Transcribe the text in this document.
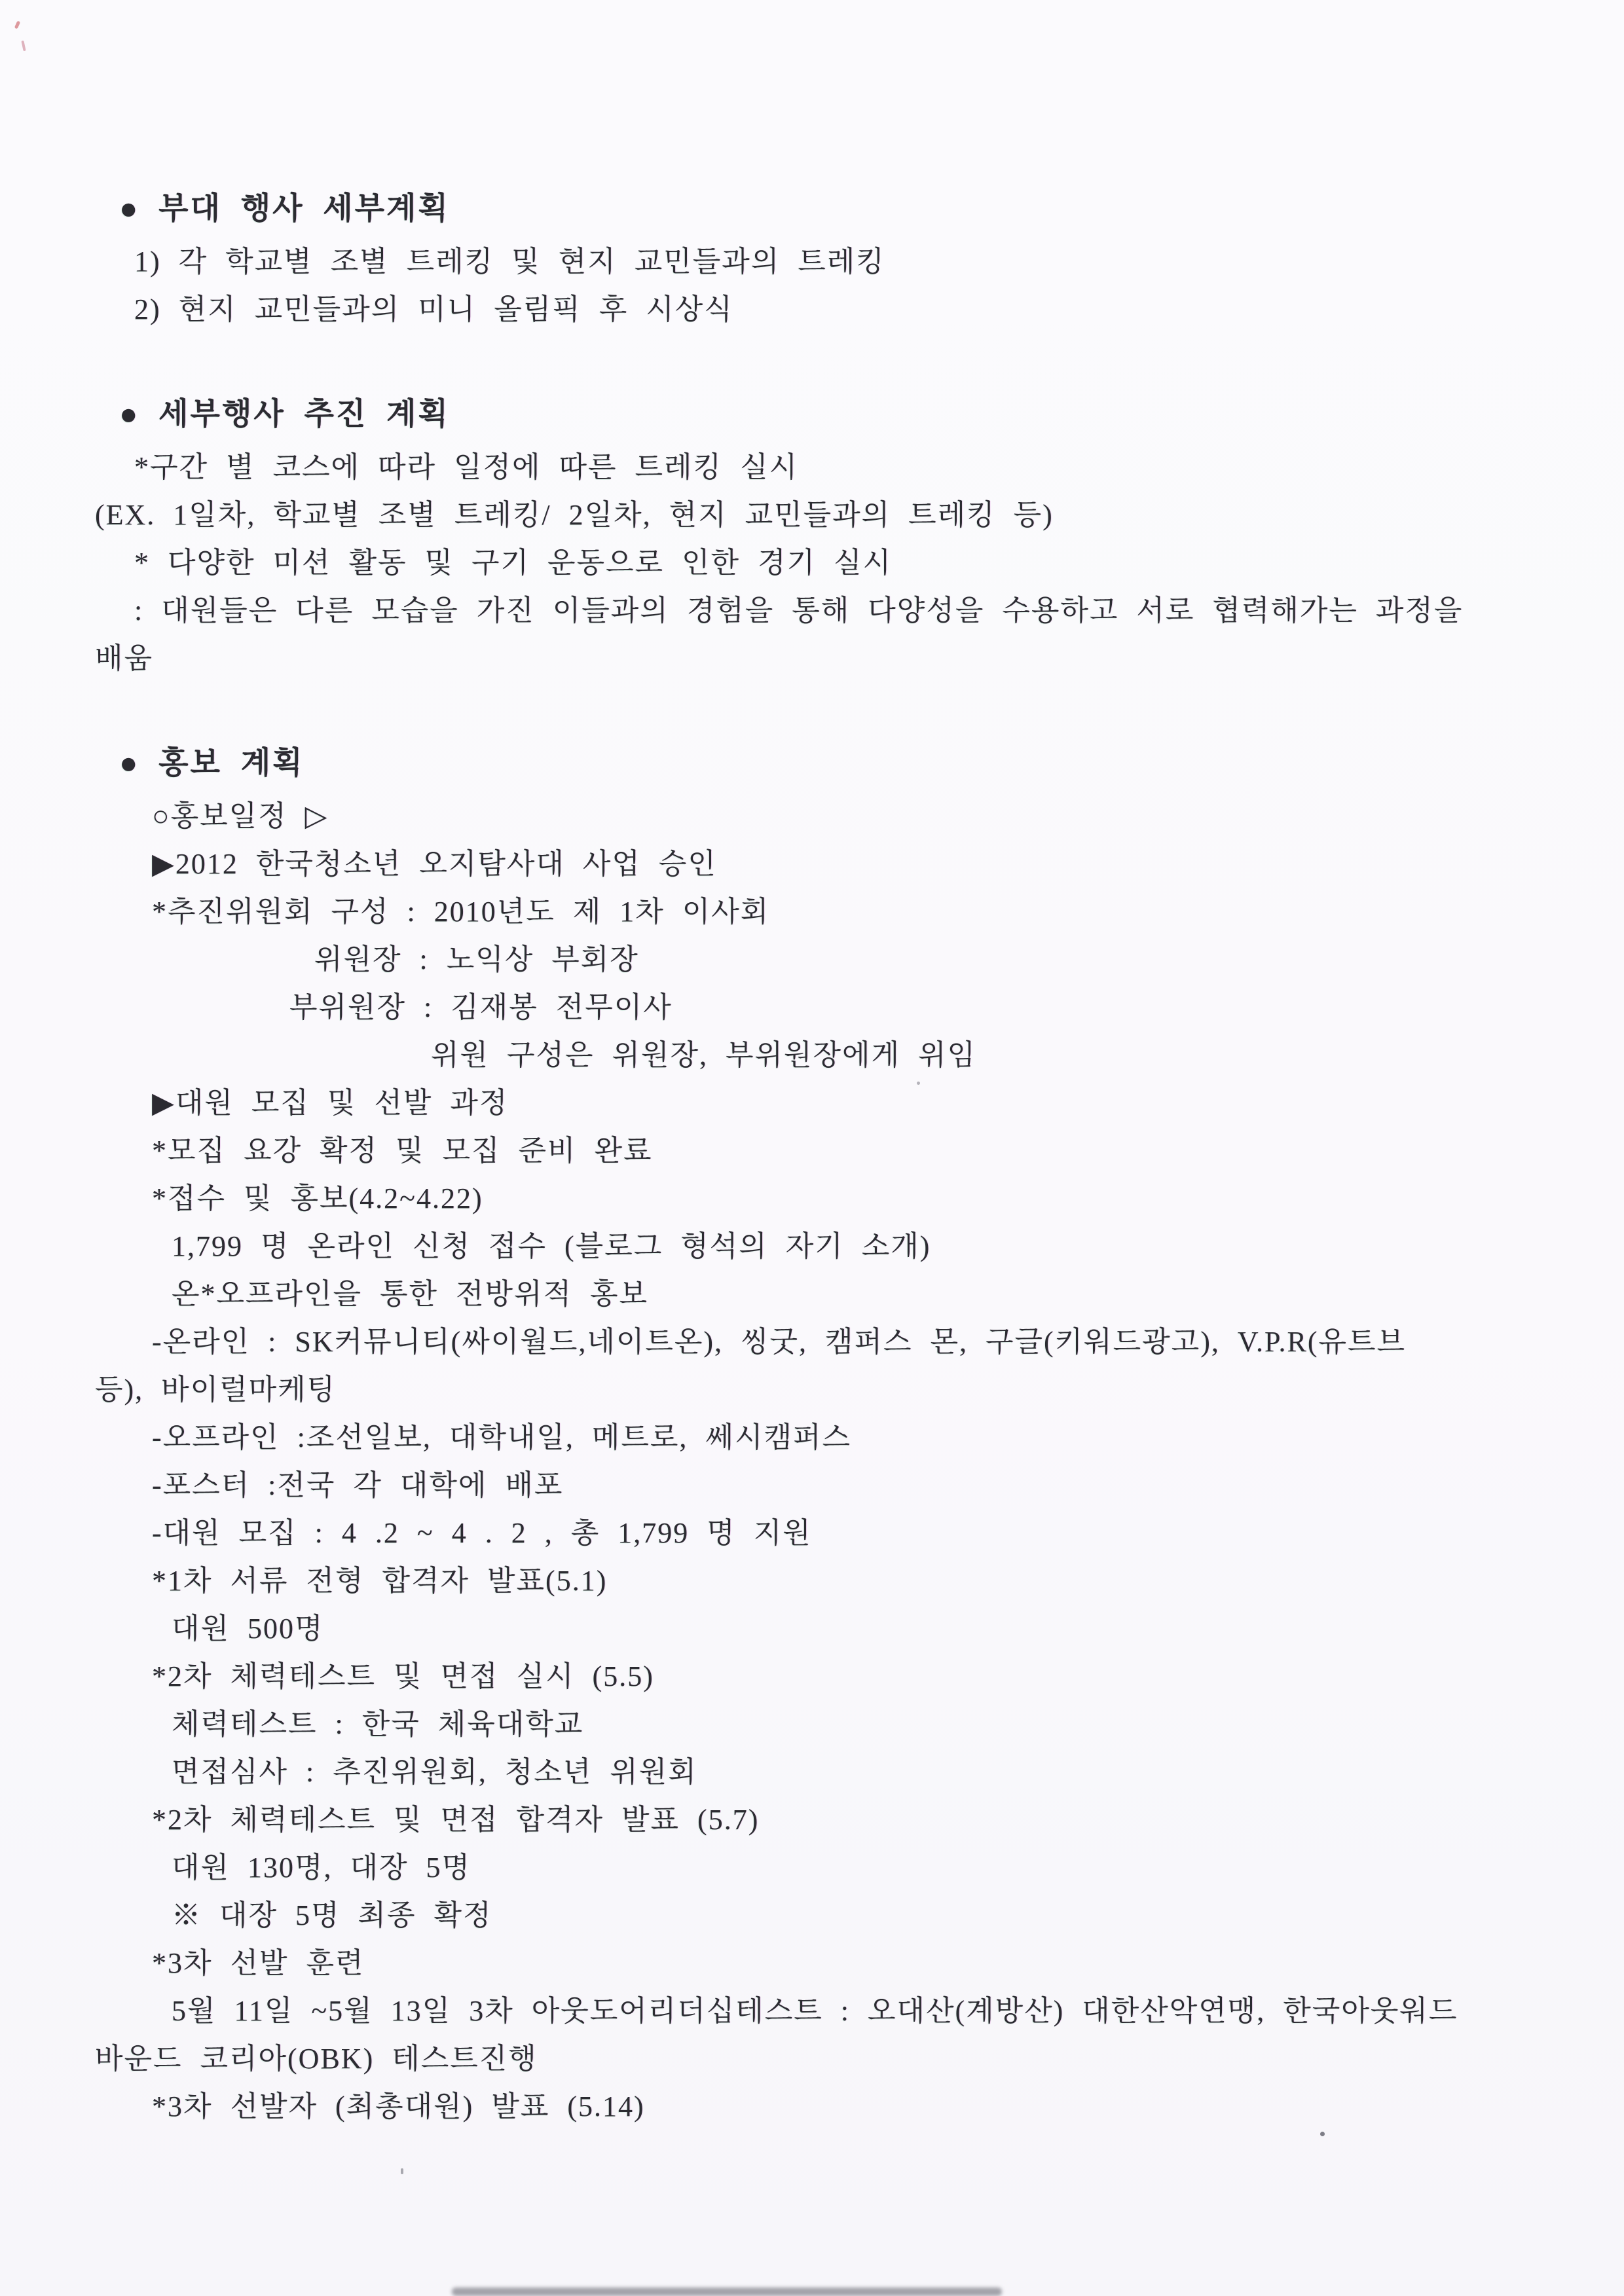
● 부대 행사 세부계획
1) 각 학교별 조별 트레킹 및 현지 교민들과의 트레킹
2) 현지 교민들과의 미니 올림픽 후 시상식
● 세부행사 추진 계획
*구간 별 코스에 따라 일정에 따른 트레킹 실시
(EX. 1일차, 학교별 조별 트레킹/ 2일차, 현지 교민들과의 트레킹 등)
* 다양한 미션 활동 및 구기 운동으로 인한 경기 실시
: 대원들은 다른 모습을 가진 이들과의 경험을 통해 다양성을 수용하고 서로 협력해가는 과정을
배움
● 홍보 계획
○홍보일정 ▷
▶2012 한국청소년 오지탐사대 사업 승인
*추진위원회 구성 : 2010년도 제 1차 이사회
위원장 : 노익상 부회장
부위원장 : 김재봉 전무이사
위원 구성은 위원장, 부위원장에게 위임
▶대원 모집 및 선발 과정
*모집 요강 확정 및 모집 준비 완료
*접수 및 홍보(4.2~4.22)
1,799 명 온라인 신청 접수 (블로그 형석의 자기 소개)
온*오프라인을 통한 전방위적 홍보
-온라인 : SK커뮤니티(싸이월드,네이트온), 씽굿, 캠퍼스 몬, 구글(키워드광고), V.P.R(유트브
등), 바이럴마케팅
-오프라인 :조선일보, 대학내일, 메트로, 쎄시캠퍼스
-포스터 :전국 각 대학에 배포
-대원 모집 : 4 .2 ~ 4 . 2 , 총 1,799 명 지원
*1차 서류 전형 합격자 발표(5.1)
대원 500명
*2차 체력테스트 및 면접 실시 (5.5)
체력테스트 : 한국 체육대학교
면접심사 : 추진위원회, 청소년 위원회
*2차 체력테스트 및 면접 합격자 발표 (5.7)
대원 130명, 대장 5명
※ 대장 5명 최종 확정
*3차 선발 훈련
5월 11일 ~5월 13일 3차 아웃도어리더십테스트 : 오대산(계방산) 대한산악연맹, 한국아웃워드
바운드 코리아(OBK) 테스트진행
*3차 선발자 (최총대원) 발표 (5.14)
